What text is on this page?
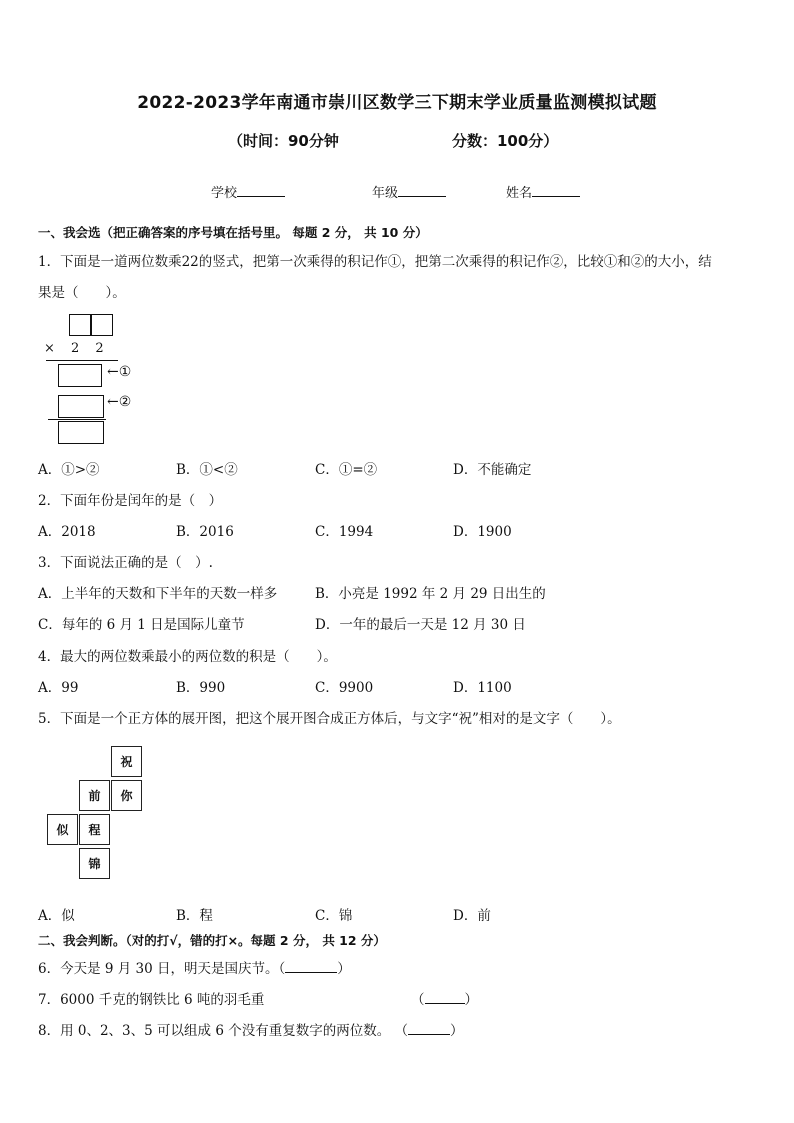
2022-2023学年南通市崇川区数学三下期末学业质量监测模拟试题
（时间：90分钟	分数：100分）
学校	年级	姓名
一、我会选（把正确答案的序号填在括号里。 每题 2 分， 共 10 分）
1．下面是一道两位数乘22的竖式，把第一次乘得的积记作①，把第二次乘得的积记作②，比较①和②的大小，结
果是（　　）。
× 2 2
←①
←②
A．①>②	B．①<②	C．①=②	D．不能确定
2．下面年份是闰年的是（　）
A．2018	B．2016	C．1994	D．1900
3．下面说法正确的是（　）.
A．上半年的天数和下半年的天数一样多	B．小亮是 1992 年 2 月 29 日出生的
C．每年的 6 月 1 日是国际儿童节	D．一年的最后一天是 12 月 30 日
4．最大的两位数乘最小的两位数的积是（　　）。
A．99	B．990	C．9900	D．1100
5．下面是一个正方体的展开图，把这个展开图合成正方体后，与文字“祝”相对的是文字（　　）。
祝
你
前
程
似
锦
A．似	B．程	C．锦	D．前
二、我会判断。（对的打√，错的打×。每题 2 分， 共 12 分）
6．今天是 9 月 30 日，明天是国庆节。（	）
7．6000 千克的钢铁比 6 吨的羽毛重	（	）
8．用 0、2、3、5 可以组成 6 个没有重复数字的两位数。 （	）
